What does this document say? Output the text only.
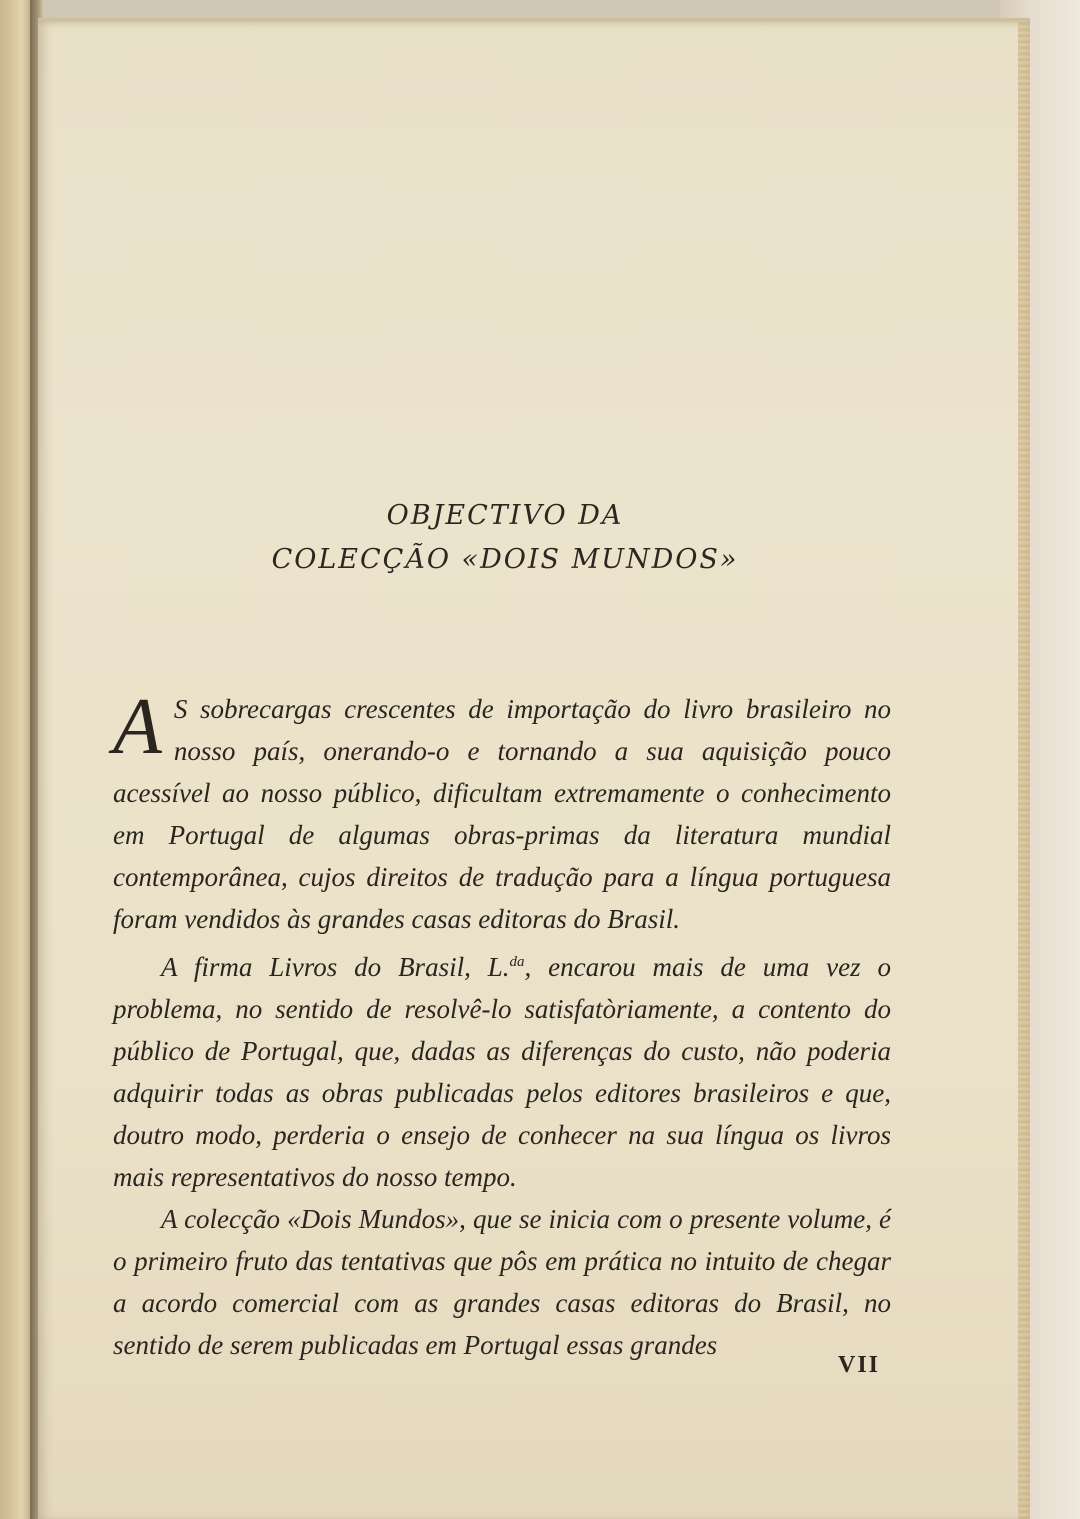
OBJECTIVO DA
COLECÇÃO «DOIS MUNDOS»

A S sobrecargas crescentes de importação do livro brasileiro no nosso país, onerando-o e tornando a sua aquisição pouco acessível ao nosso público, dificultam extremamente o conhecimento em Portugal de algumas obras-primas da literatura mundial contemporânea, cujos direitos de tradução para a língua portuguesa foram vendidos às grandes casas editoras do Brasil.

A firma Livros do Brasil, L.$^{da}$, encarou mais de uma vez o problema, no sentido de resolvê-lo satisfatòriamente, a contento do público de Portugal, que, dadas as diferenças do custo, não poderia adquirir todas as obras publicadas pelos editores brasileiros e que, doutro modo, perderia o ensejo de conhecer na sua língua os livros mais representativos do nosso tempo.

A colecção «Dois Mundos», que se inicia com o presente volume, é o primeiro fruto das tentativas que pôs em prática no intuito de chegar a acordo comercial com as grandes casas editoras do Brasil, no sentido de serem publicadas em Portugal essas grandes

VII
